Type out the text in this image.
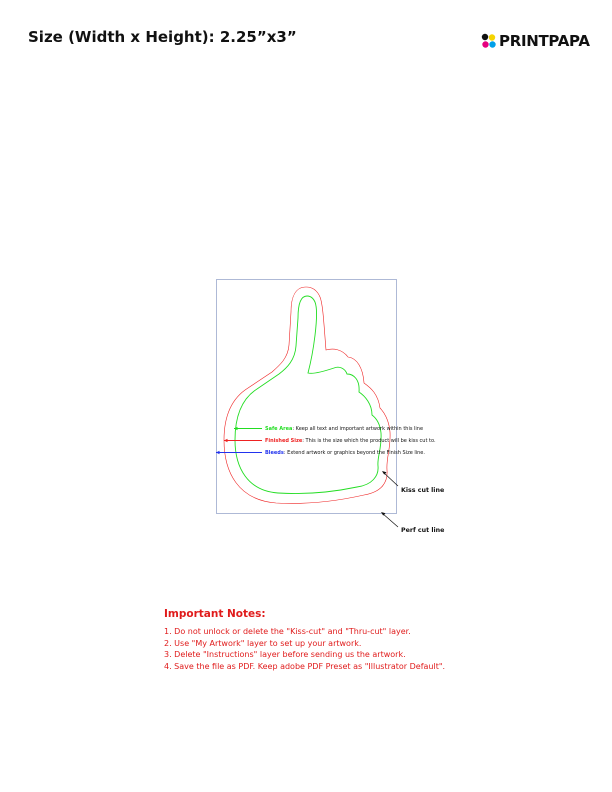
Size (Width x Height): 2.25”x3”	PRINTPAPA
Safe Area: Keep all text and important artwork within this line
Finished Size: This is the size which the product will be kiss cut to.
Bleeds: Extend artwork or graphics beyond the Finish Size line.
Kiss cut line
Perf cut line
Important Notes:
1. Do not unlock or delete the "Kiss-cut" and "Thru-cut" layer.
2. Use "My Artwork" layer to set up your artwork.
3. Delete "Instructions" layer before sending us the artwork.
4. Save the file as PDF. Keep adobe PDF Preset as "Illustrator Default".
